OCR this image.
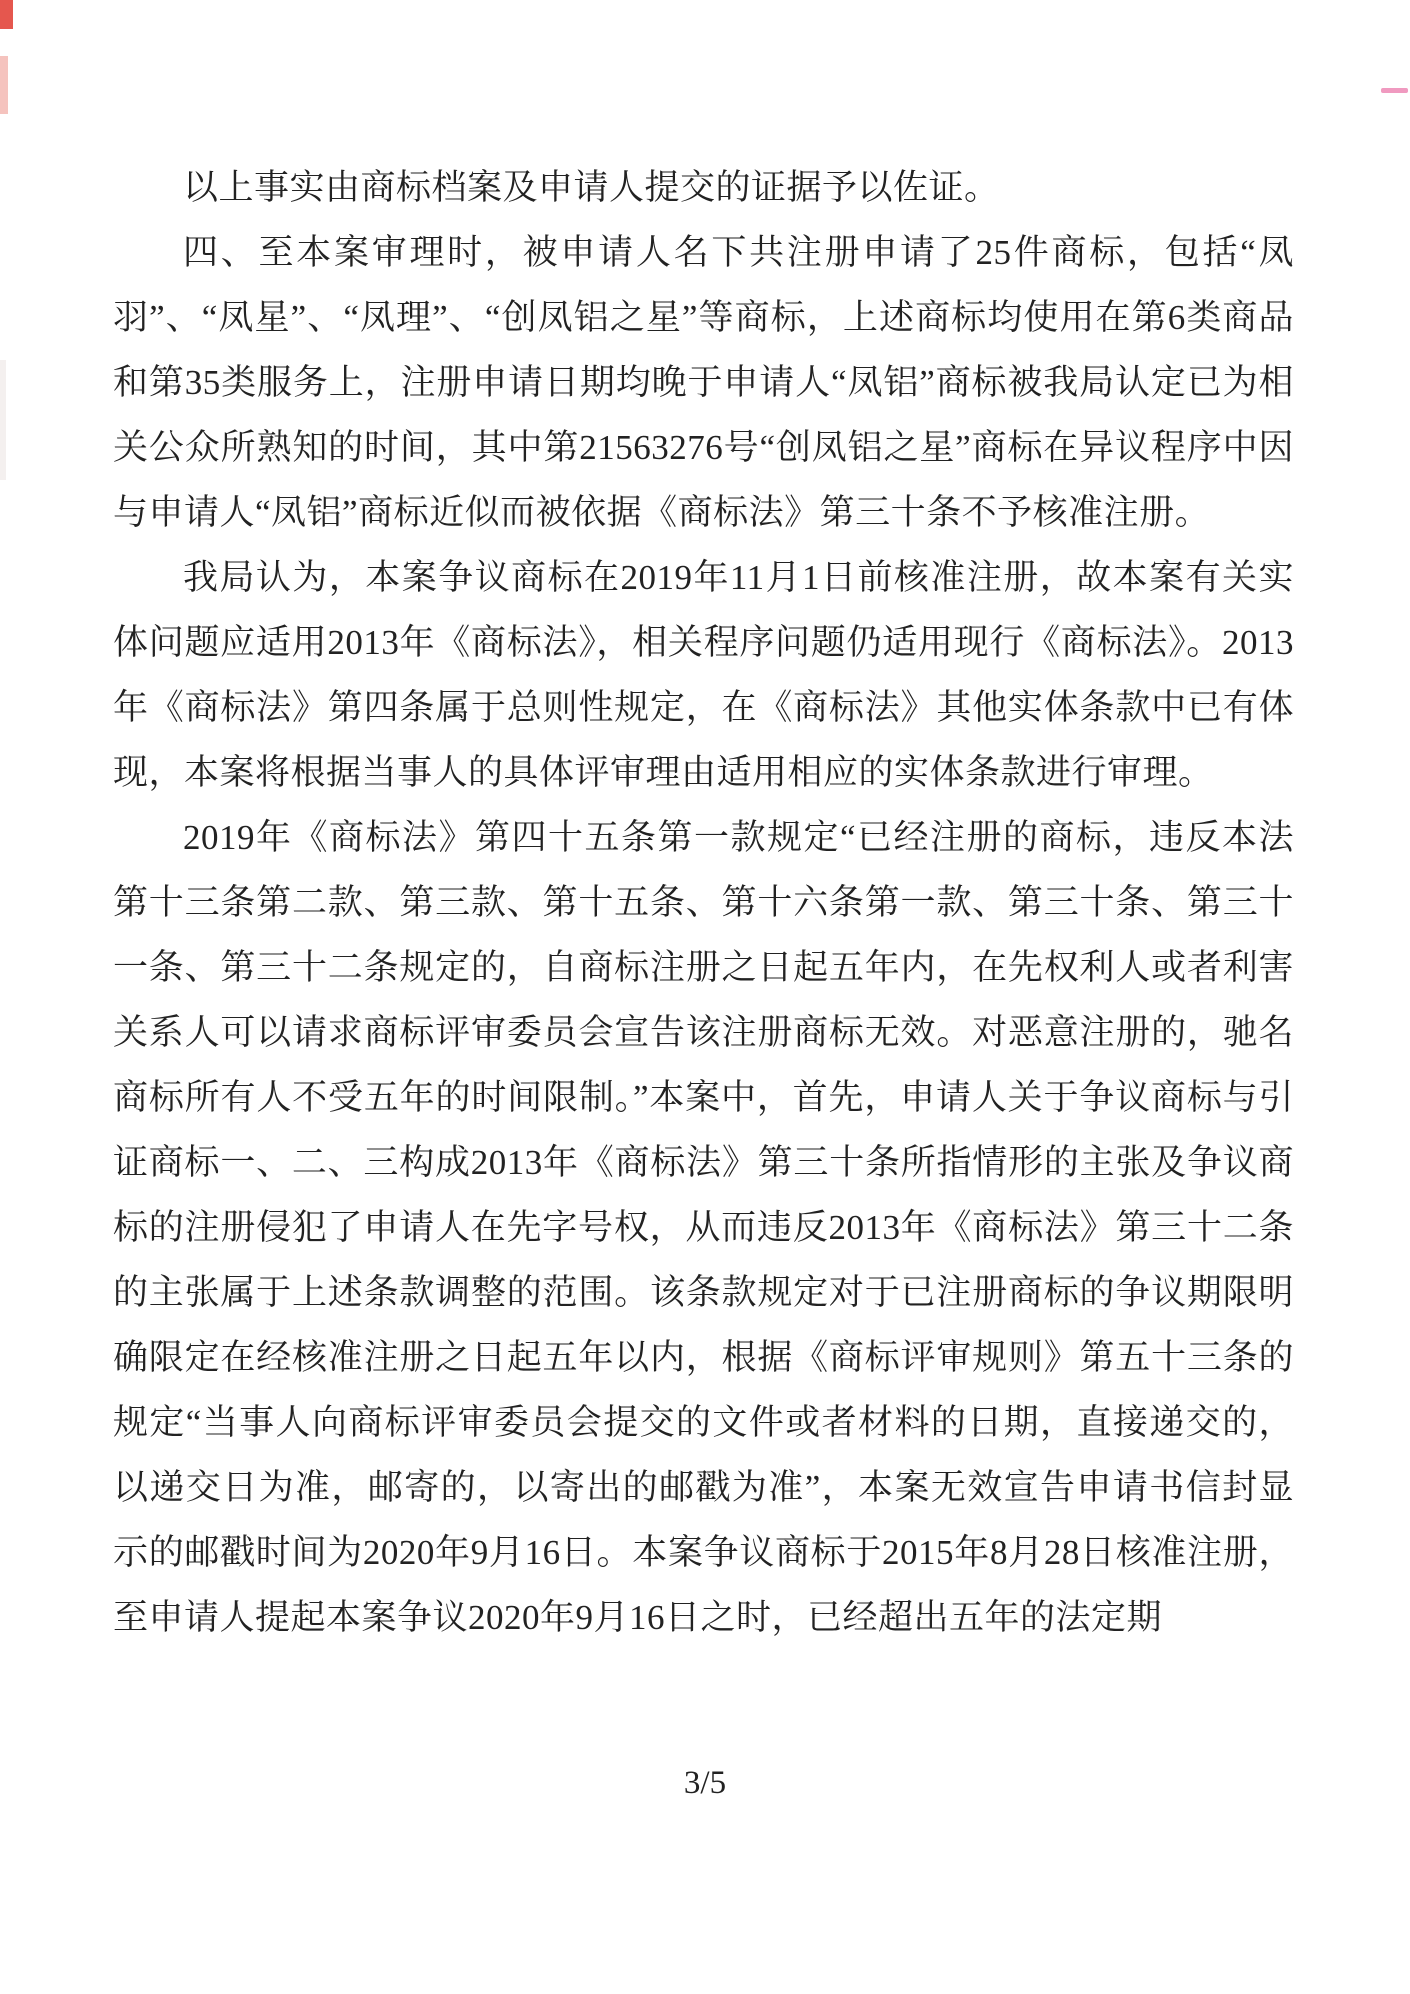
以上事实由商标档案及申请人提交的证据予以佐证。

四、至本案审理时，被申请人名下共注册申请了25件商标，包括“凤羽”、“凤星”、“凤理”、“创凤铝之星”等商标，上述商标均使用在第6类商品和第35类服务上，注册申请日期均晚于申请人“凤铝”商标被我局认定已为相关公众所熟知的时间，其中第21563276号“创凤铝之星”商标在异议程序中因与申请人“凤铝”商标近似而被依据《商标法》第三十条不予核准注册。

我局认为，本案争议商标在2019年11月1日前核准注册，故本案有关实体问题应适用2013年《商标法》，相关程序问题仍适用现行《商标法》。2013年《商标法》第四条属于总则性规定，在《商标法》其他实体条款中已有体现，本案将根据当事人的具体评审理由适用相应的实体条款进行审理。

2019年《商标法》第四十五条第一款规定“已经注册的商标，违反本法第十三条第二款、第三款、第十五条、第十六条第一款、第三十条、第三十一条、第三十二条规定的，自商标注册之日起五年内，在先权利人或者利害关系人可以请求商标评审委员会宣告该注册商标无效。对恶意注册的，驰名商标所有人不受五年的时间限制。”本案中，首先，申请人关于争议商标与引证商标一、二、三构成2013年《商标法》第三十条所指情形的主张及争议商标的注册侵犯了申请人在先字号权，从而违反2013年《商标法》第三十二条的主张属于上述条款调整的范围。该条款规定对于已注册商标的争议期限明确限定在经核准注册之日起五年以内，根据《商标评审规则》第五十三条的规定“当事人向商标评审委员会提交的文件或者材料的日期，直接递交的，以递交日为准，邮寄的，以寄出的邮戳为准”，本案无效宣告申请书信封显示的邮戳时间为2020年9月16日。本案争议商标于2015年8月28日核准注册，至申请人提起本案争议2020年9月16日之时，已经超出五年的法定期

3/5
